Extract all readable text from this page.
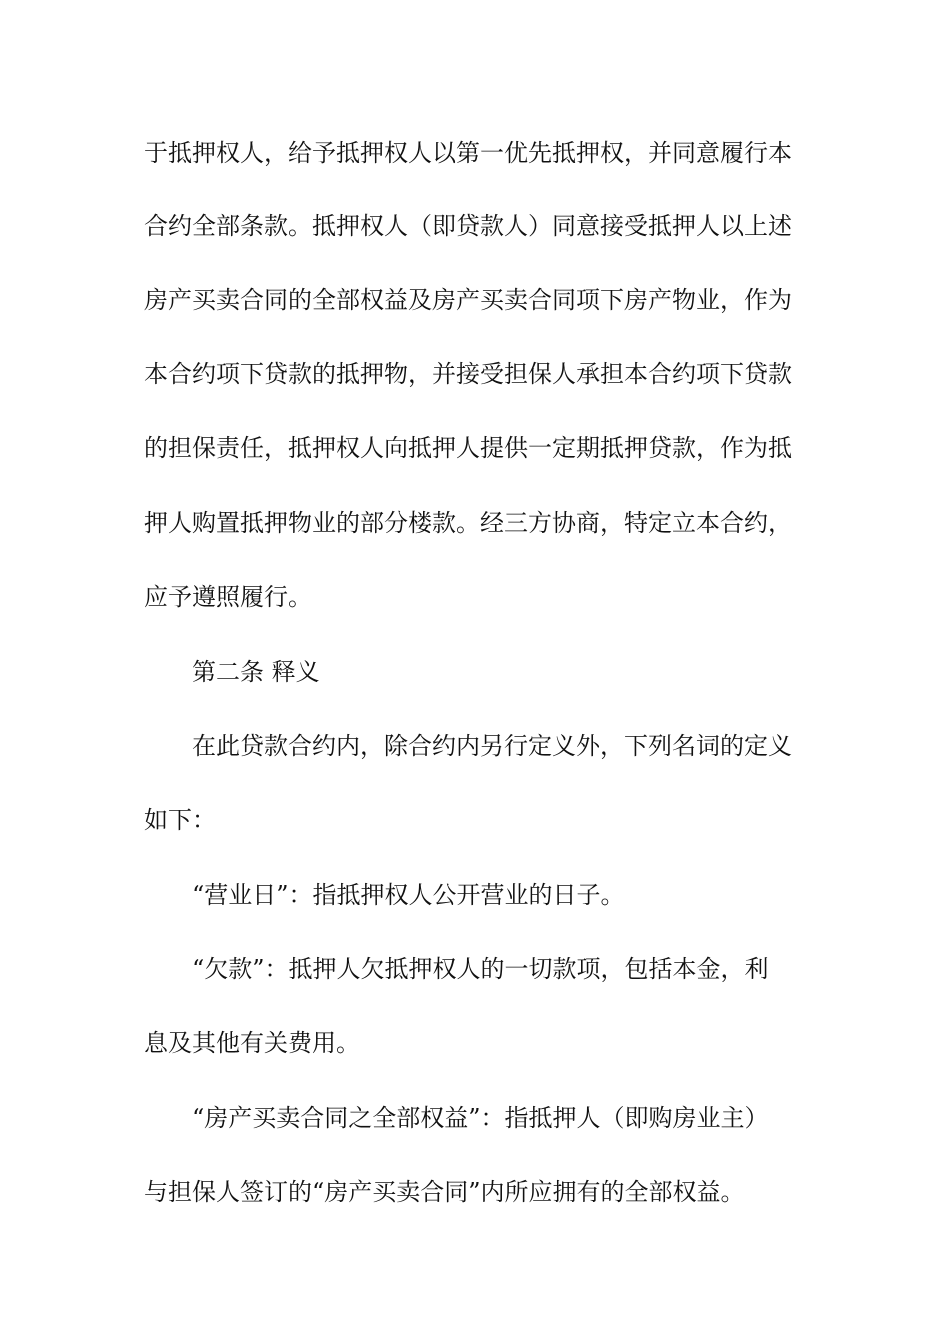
于抵押权人，给予抵押权人以第一优先抵押权，并同意履行本
合约全部条款。抵押权人（即贷款人）同意接受抵押人以上述
房产买卖合同的全部权益及房产买卖合同项下房产物业，作为
本合约项下贷款的抵押物，并接受担保人承担本合约项下贷款
的担保责任，抵押权人向抵押人提供一定期抵押贷款，作为抵
押人购置抵押物业的部分楼款。经三方协商，特定立本合约，
应予遵照履行。
第二条 释义
在此贷款合约内，除合约内另行定义外，下列名词的定义
如下：
“营业日”：指抵押权人公开营业的日子。
“欠款”：抵押人欠抵押权人的一切款项，包括本金，利
息及其他有关费用。
“房产买卖合同之全部权益”：指抵押人（即购房业主）
与担保人签订的“房产买卖合同”内所应拥有的全部权益。
